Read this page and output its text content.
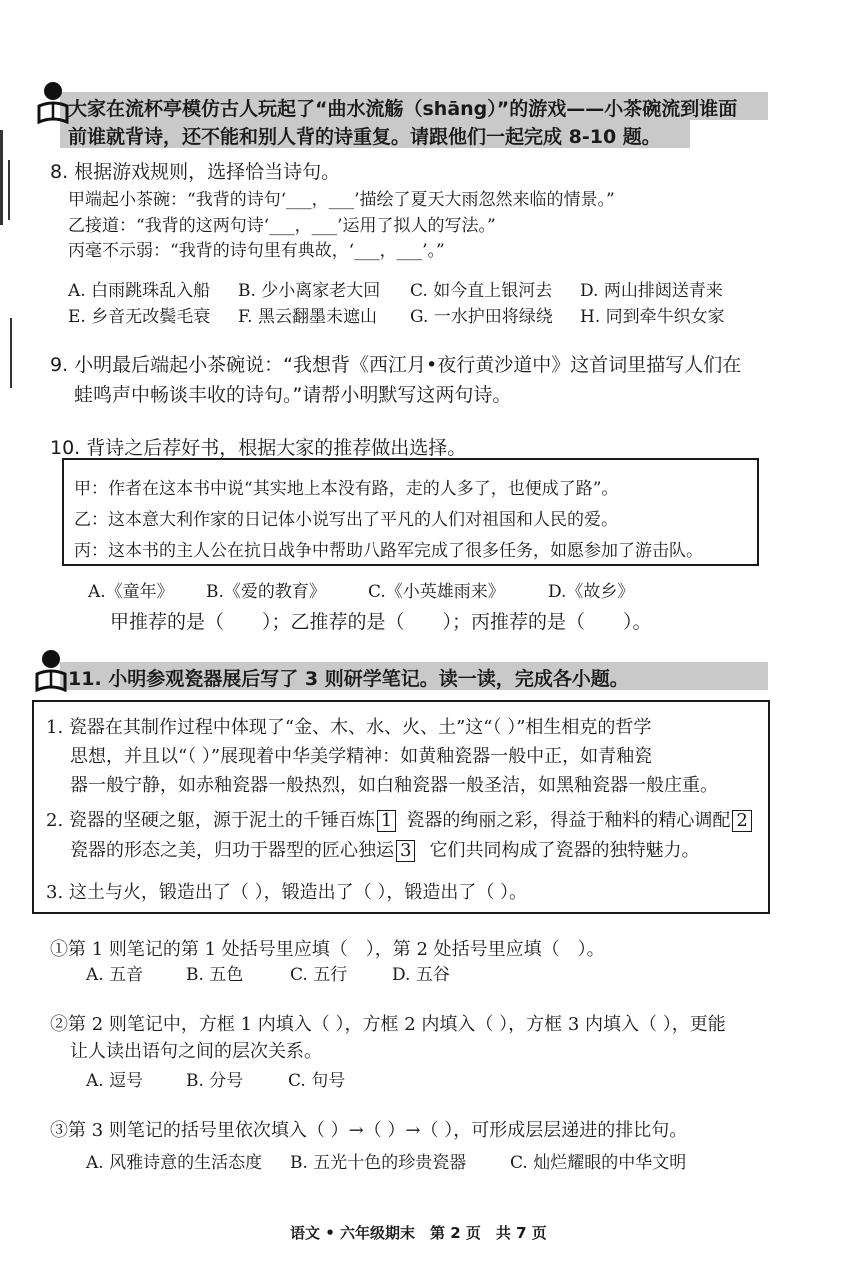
大家在流杯亭模仿古人玩起了“曲水流觞（shāng）”的游戏——小茶碗流到谁面
前谁就背诗，还不能和别人背的诗重复。请跟他们一起完成 8-10 题。
8. 根据游戏规则，选择恰当诗句。
甲端起小茶碗：“我背的诗句‘___，___’描绘了夏天大雨忽然来临的情景。”
乙接道：“我背的这两句诗‘___，___’运用了拟人的写法。”
丙毫不示弱：“我背的诗句里有典故，‘___，___’。”
A. 白雨跳珠乱入船 B. 少小离家老大回 C. 如今直上银河去 D. 两山排闼送青来
E. 乡音无改鬓毛衰 F. 黑云翻墨未遮山 G. 一水护田将绿绕 H. 同到牵牛织女家
9. 小明最后端起小茶碗说：“我想背《西江月•夜行黄沙道中》这首词里描写人们在
蛙鸣声中畅谈丰收的诗句。”请帮小明默写这两句诗。
10. 背诗之后荐好书，根据大家的推荐做出选择。
甲：作者在这本书中说“其实地上本没有路，走的人多了，也便成了路”。
乙：这本意大利作家的日记体小说写出了平凡的人们对祖国和人民的爱。
丙：这本书的主人公在抗日战争中帮助八路军完成了很多任务，如愿参加了游击队。
A.《童年》 B.《爱的教育》 C.《小英雄雨来》	D.《故乡》
甲推荐的是（　　）；乙推荐的是（　　）；丙推荐的是（　　）。
11. 小明参观瓷器展后写了 3 则研学笔记。读一读，完成各小题。
1. 瓷器在其制作过程中体现了“金、木、水、火、土”这“（ ）”相生相克的哲学
思想，并且以“（ ）”展现着中华美学精神：如黄釉瓷器一般中正，如青釉瓷
器一般宁静，如赤釉瓷器一般热烈，如白釉瓷器一般圣洁，如黑釉瓷器一般庄重。
2. 瓷器的坚硬之躯，源于泥土的千锤百炼 1 瓷器的绚丽之彩，得益于釉料的精心调配 2
瓷器的形态之美，归功于器型的匠心独运 3 它们共同构成了瓷器的独特魅力。
3. 这土与火，锻造出了（ ），锻造出了（ ），锻造出了（ ）。
①第 1 则笔记的第 1 处括号里应填（　），第 2 处括号里应填（　）。
A. 五音	B. 五色	C. 五行	D. 五谷
②第 2 则笔记中，方框 1 内填入（ ），方框 2 内填入（ ），方框 3 内填入（ ），更能
让人读出语句之间的层次关系。
A. 逗号	B. 分号	C. 句号
③第 3 则笔记的括号里依次填入（ ）→（ ）→（ ），可形成层层递进的排比句。
A. 风雅诗意的生活态度 B. 五光十色的珍贵瓷器	C. 灿烂耀眼的中华文明
语文 • 六年级期末　第 2 页　共 7 页
